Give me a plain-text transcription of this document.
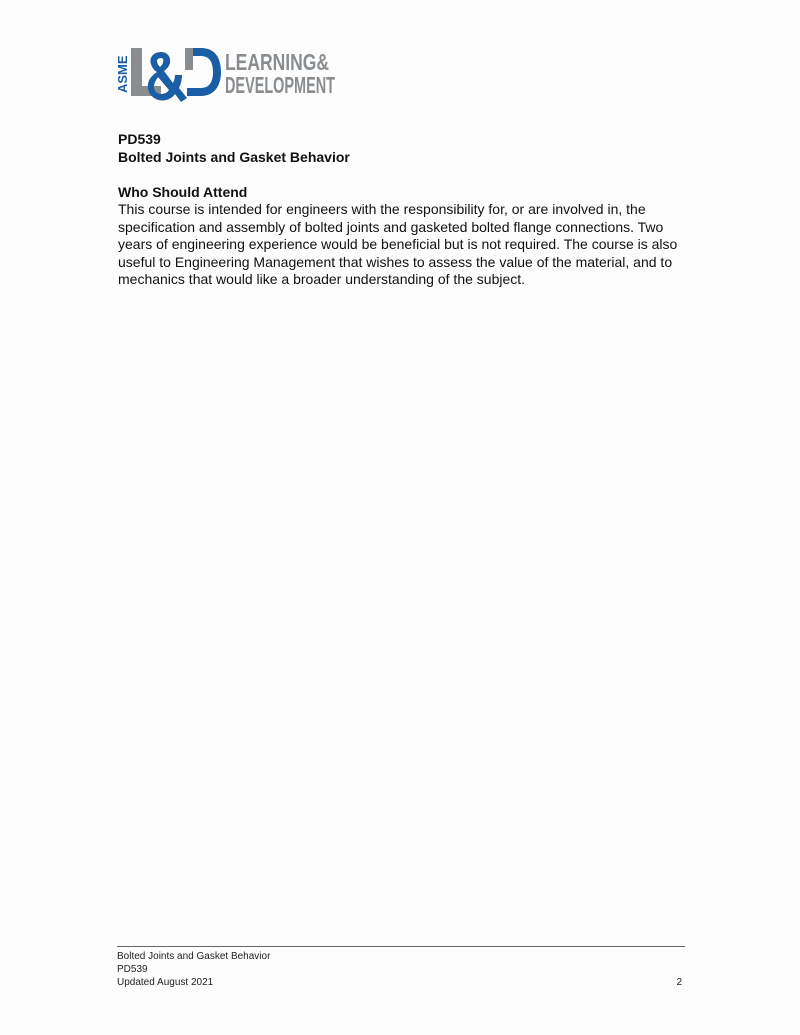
ASME	LEARNING&
DEVELOPMENT
PD539
Bolted Joints and Gasket Behavior
Who Should Attend

This course is intended for engineers with the responsibility for, or are involved in, the specification and assembly of bolted joints and gasketed bolted flange connections. Two years of engineering experience would be beneficial but is not required. The course is also useful to Engineering Management that wishes to assess the value of the material, and to mechanics that would like a broader understanding of the subject.

Bolted Joints and Gasket Behavior
PD539
Updated August 2021	2
